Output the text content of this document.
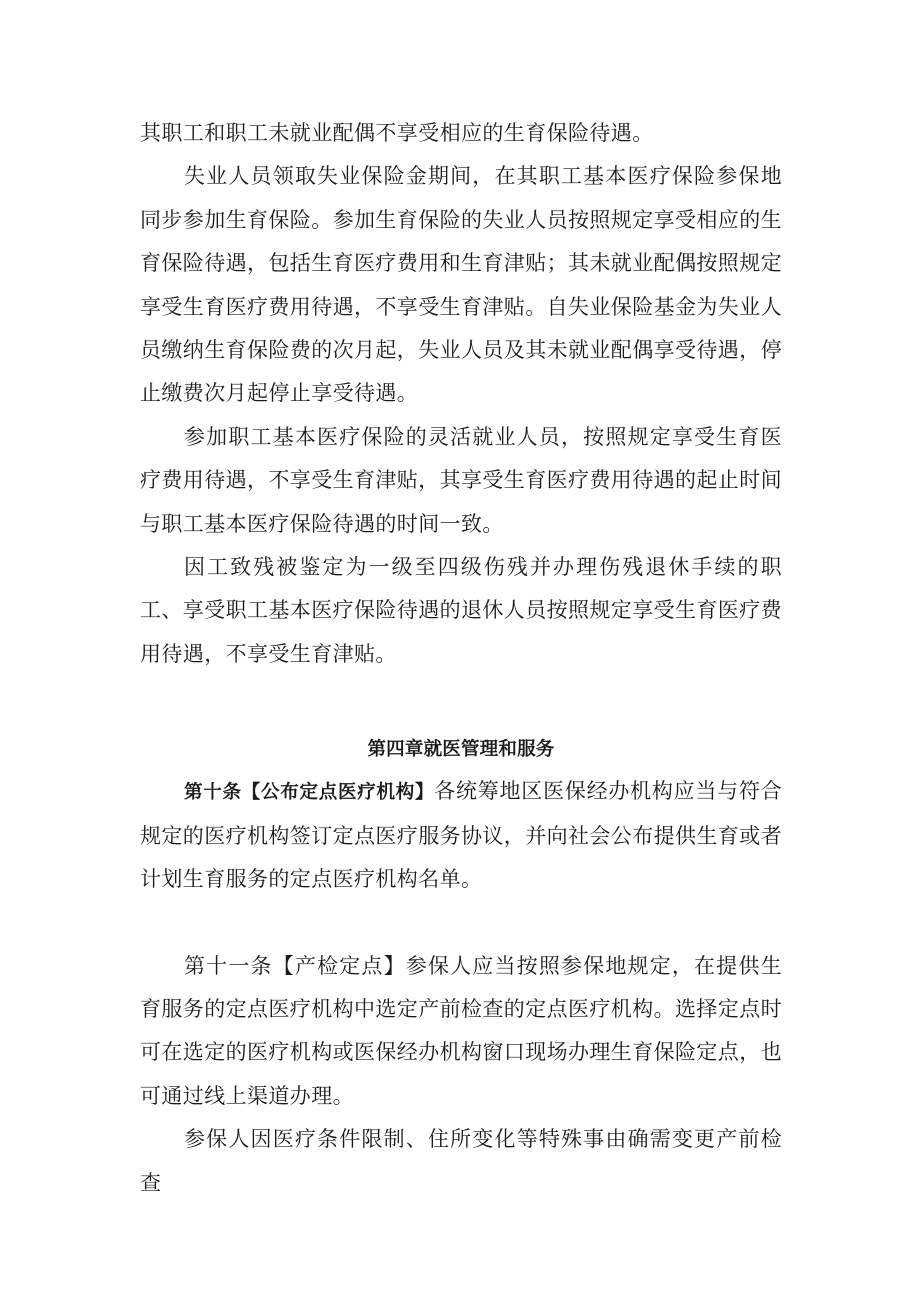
其职工和职工未就业配偶不享受相应的生育保险待遇。

失业人员领取失业保险金期间，在其职工基本医疗保险参保地同步参加生育保险。参加生育保险的失业人员按照规定享受相应的生育保险待遇，包括生育医疗费用和生育津贴；其未就业配偶按照规定享受生育医疗费用待遇，不享受生育津贴。自失业保险基金为失业人员缴纳生育保险费的次月起，失业人员及其未就业配偶享受待遇，停止缴费次月起停止享受待遇。

参加职工基本医疗保险的灵活就业人员，按照规定享受生育医疗费用待遇，不享受生育津贴，其享受生育医疗费用待遇的起止时间与职工基本医疗保险待遇的时间一致。

因工致残被鉴定为一级至四级伤残并办理伤残退休手续的职工、享受职工基本医疗保险待遇的退休人员按照规定享受生育医疗费用待遇，不享受生育津贴。

第四章就医管理和服务

第十条【公布定点医疗机构】各统筹地区医保经办机构应当与符合规定的医疗机构签订定点医疗服务协议，并向社会公布提供生育或者计划生育服务的定点医疗机构名单。

第十一条【产检定点】参保人应当按照参保地规定，在提供生育服务的定点医疗机构中选定产前检查的定点医疗机构。选择定点时可在选定的医疗机构或医保经办机构窗口现场办理生育保险定点，也可通过线上渠道办理。

参保人因医疗条件限制、住所变化等特殊事由确需变更产前检查
